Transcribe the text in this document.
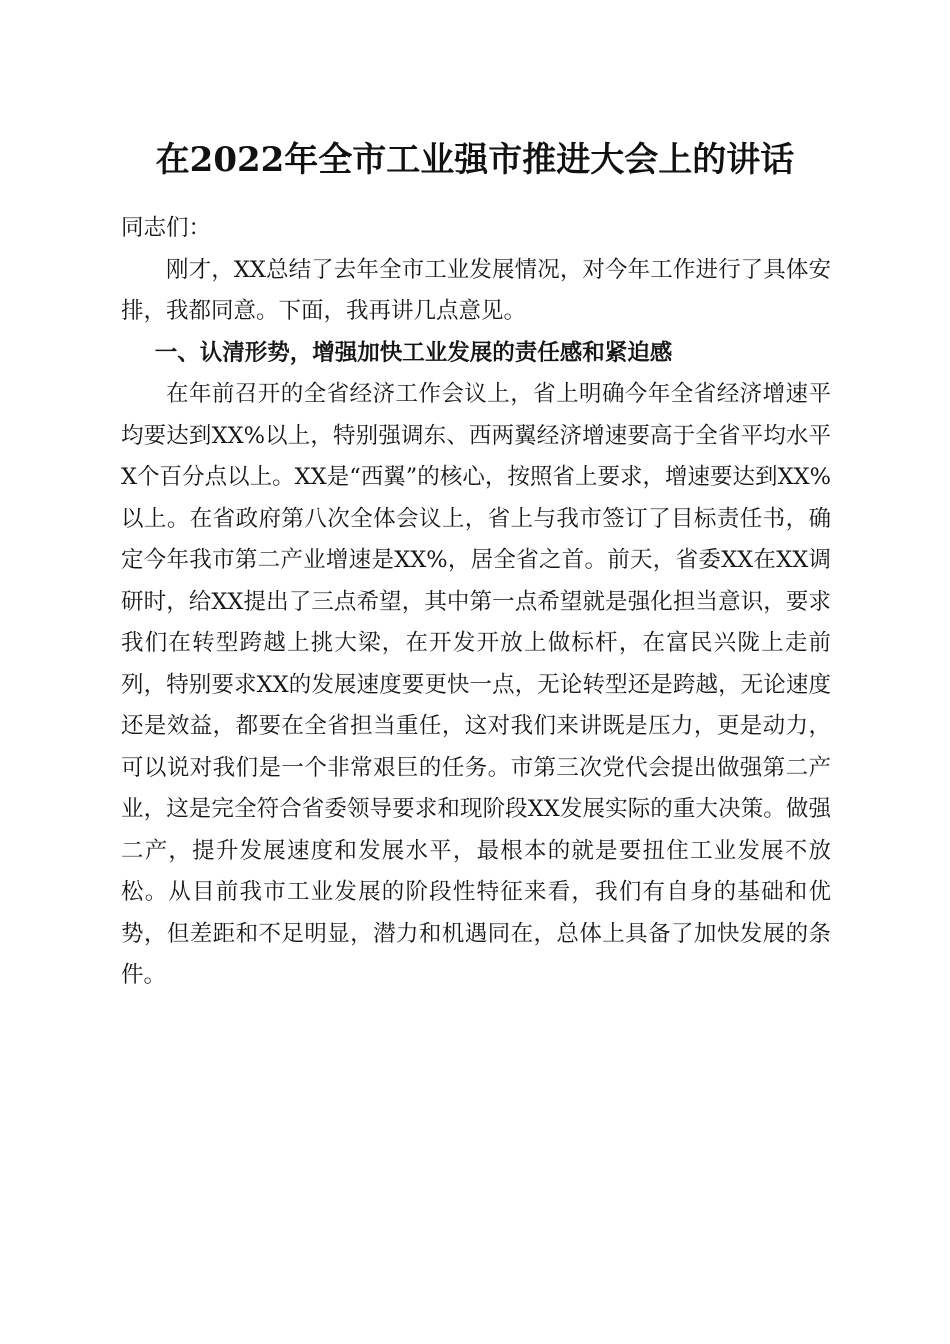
在2022年全市工业强市推进大会上的讲话

同志们：

刚才，XX总结了去年全市工业发展情况，对今年工作进行了具体安排，我都同意。下面，我再讲几点意见。

一、认清形势，增强加快工业发展的责任感和紧迫感

在年前召开的全省经济工作会议上，省上明确今年全省经济增速平均要达到XX%以上，特别强调东、西两翼经济增速要高于全省平均水平X个百分点以上。XX是“西翼”的核心，按照省上要求，增速要达到XX%以上。在省政府第八次全体会议上，省上与我市签订了目标责任书，确定今年我市第二产业增速是XX%，居全省之首。前天，省委XX在XX调研时，给XX提出了三点希望，其中第一点希望就是强化担当意识，要求我们在转型跨越上挑大梁，在开发开放上做标杆，在富民兴陇上走前列，特别要求XX的发展速度要更快一点，无论转型还是跨越，无论速度还是效益，都要在全省担当重任，这对我们来讲既是压力，更是动力，可以说对我们是一个非常艰巨的任务。市第三次党代会提出做强第二产业，这是完全符合省委领导要求和现阶段XX发展实际的重大决策。做强二产，提升发展速度和发展水平，最根本的就是要扭住工业发展不放松。从目前我市工业发展的阶段性特征来看，我们有自身的基础和优势，但差距和不足明显，潜力和机遇同在，总体上具备了加快发展的条件。
